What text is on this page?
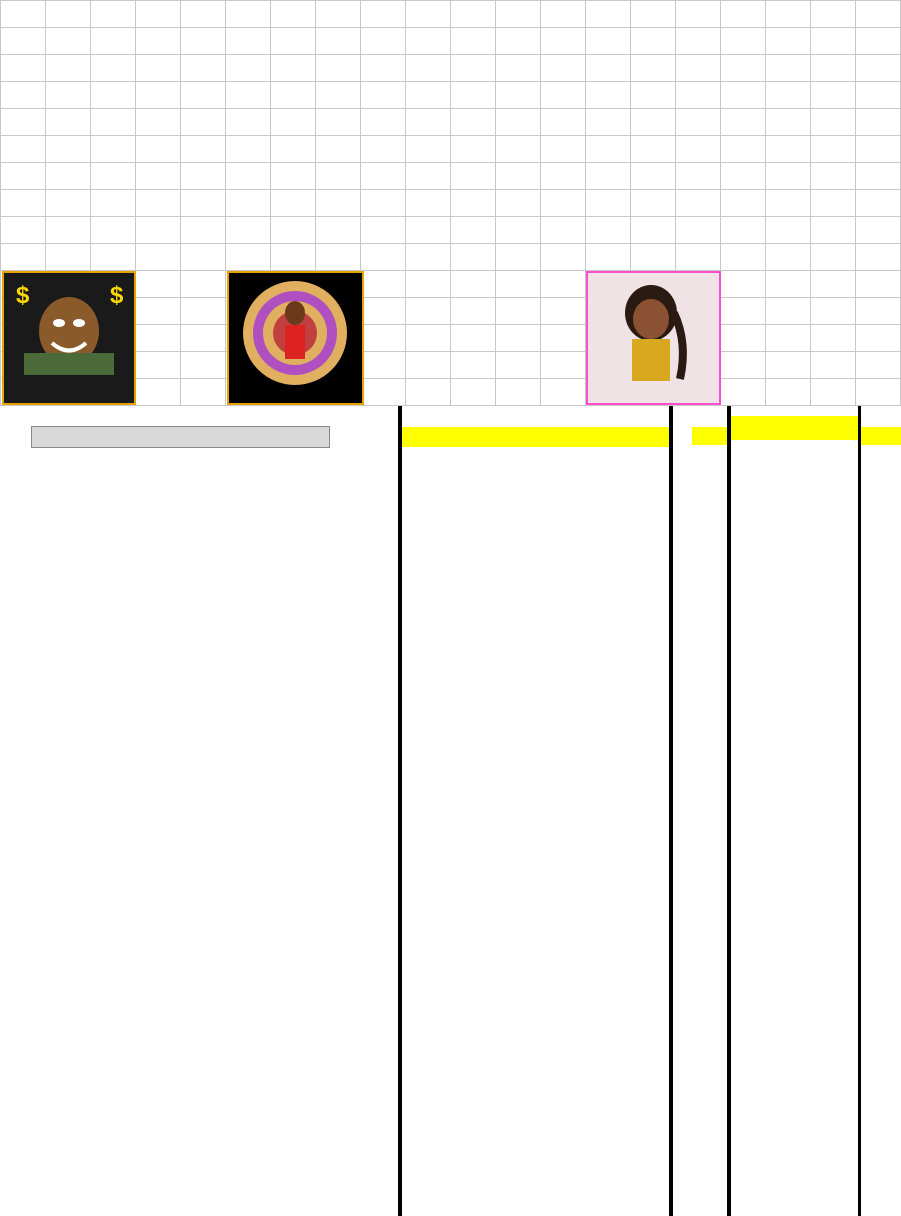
$	$
